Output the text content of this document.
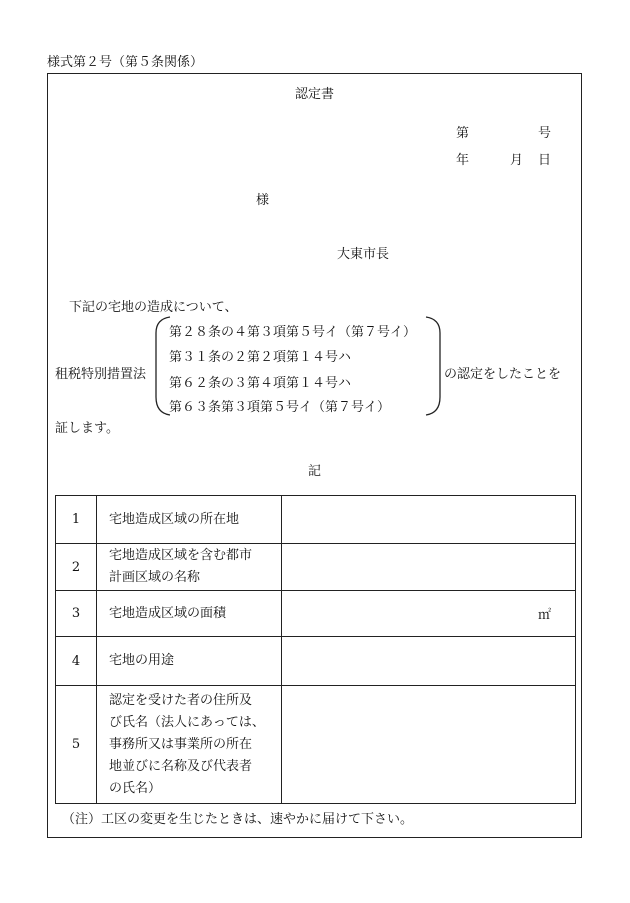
様式第２号（第５条関係）
認定書
第	号
年	月 日
様
大東市長
下記の宅地の造成について、
第２８条の４第３項第５号イ（第７号イ）
第３１条の２第２項第１４号ハ
租税特別措置法
第６２条の３第４項第１４号ハ
第６３条第３項第５号イ（第７号イ）
の認定をしたことを
証します。
記
1	宅地造成区域の所在地	
2	宅地造成区域を含む都市
計画区域の名称	
3	宅地造成区域の面積	㎡

4	宅地の用途	
5	認定を受けた者の住所及
び氏名（法人にあっては、
事務所又は事業所の所在
地並びに名称及び代表者
の氏名）	
（注）工区の変更を生じたときは、速やかに届けて下さい。
